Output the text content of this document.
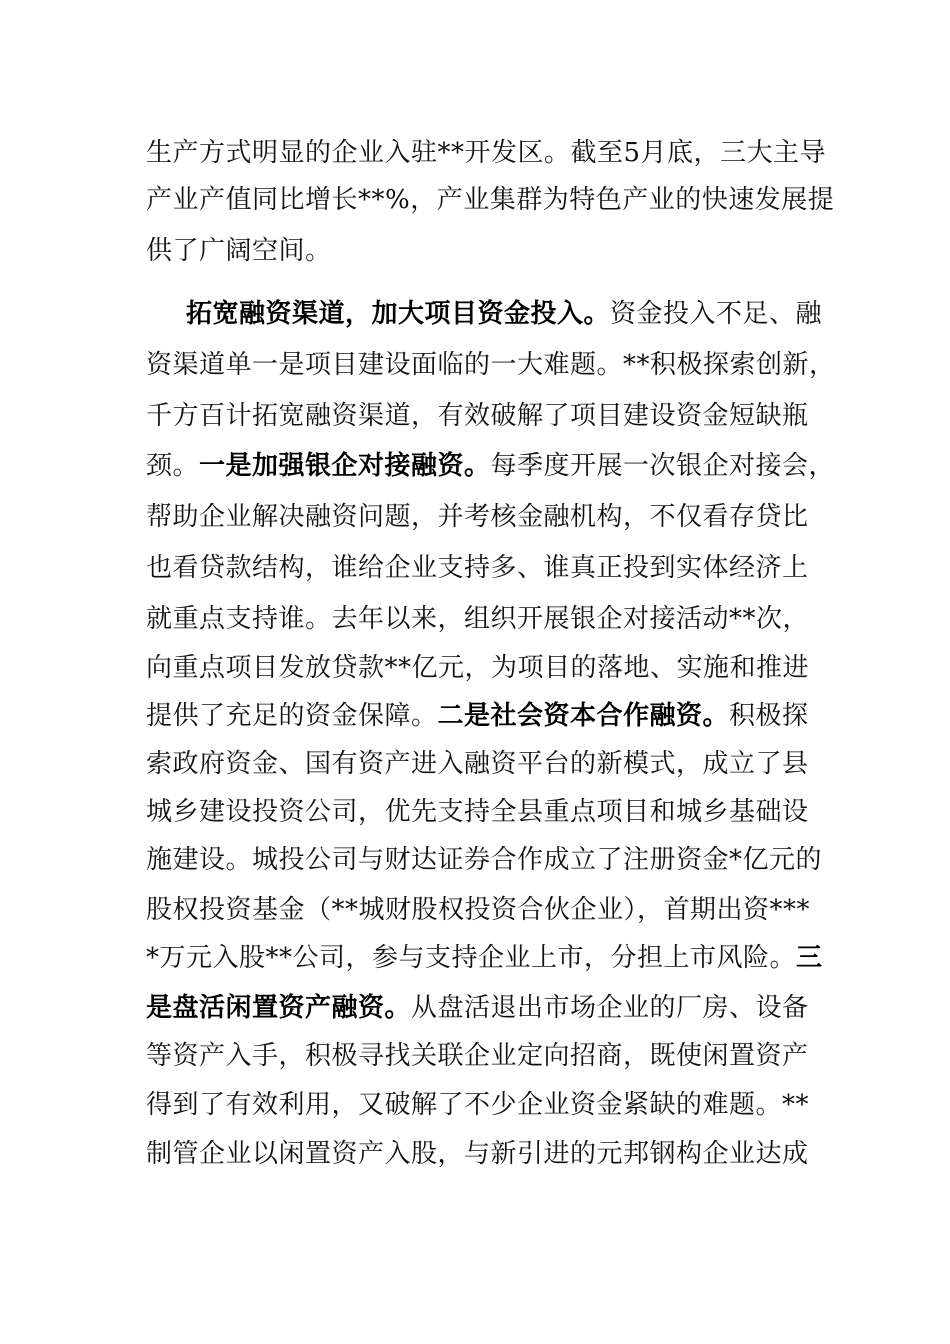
生产方式明显的企业入驻**开发区。截至5月底，三大主导
产业产值同比增长**%，产业集群为特色产业的快速发展提
供了广阔空间。
拓宽融资渠道，加大项目资金投入。资金投入不足、融
资渠道单一是项目建设面临的一大难题。**积极探索创新，
千方百计拓宽融资渠道，有效破解了项目建设资金短缺瓶
颈。一是加强银企对接融资。每季度开展一次银企对接会，
帮助企业解决融资问题，并考核金融机构，不仅看存贷比
也看贷款结构，谁给企业支持多、谁真正投到实体经济上
就重点支持谁。去年以来，组织开展银企对接活动**次，
向重点项目发放贷款**亿元，为项目的落地、实施和推进
提供了充足的资金保障。二是社会资本合作融资。积极探
索政府资金、国有资产进入融资平台的新模式，成立了县
城乡建设投资公司，优先支持全县重点项目和城乡基础设
施建设。城投公司与财达证券合作成立了注册资金*亿元的
股权投资基金（**城财股权投资合伙企业），首期出资***
*万元入股**公司，参与支持企业上市，分担上市风险。三
是盘活闲置资产融资。从盘活退出市场企业的厂房、设备
等资产入手，积极寻找关联企业定向招商，既使闲置资产
得到了有效利用，又破解了不少企业资金紧缺的难题。**
制管企业以闲置资产入股，与新引进的元邦钢构企业达成
